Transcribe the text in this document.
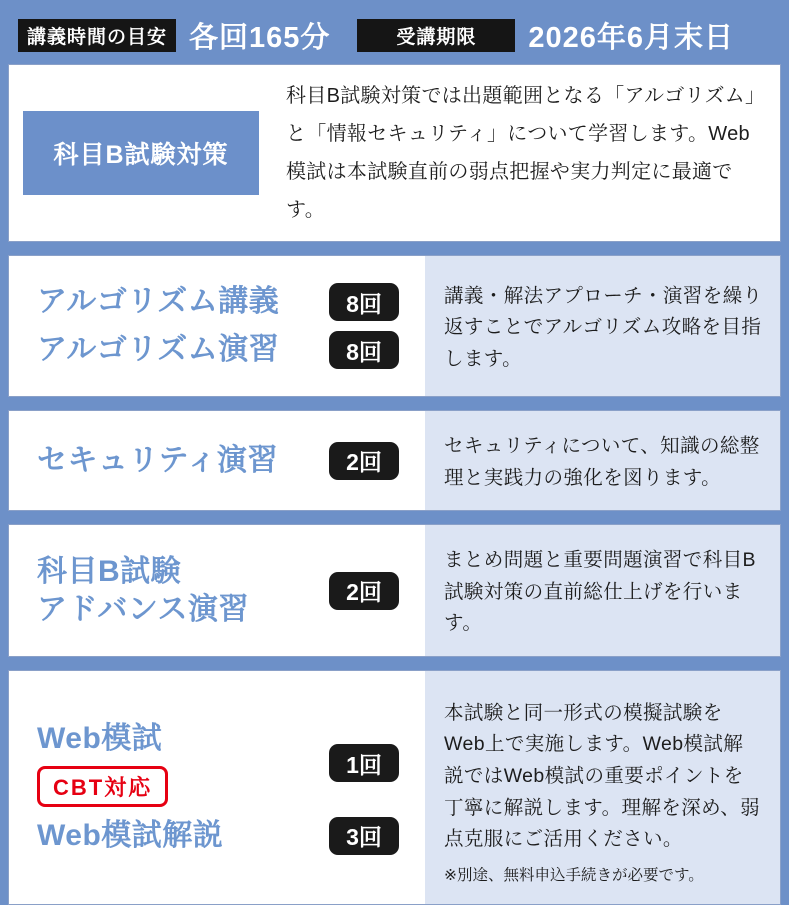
講義時間の目安 各回165分	受講期限	2026年6月末日
科目B試験対策
科目B試験対策では出題範囲となる「アルゴリズム」と「情報セキュリティ」について学習します。Web模試は本試験直前の弱点把握や実力判定に最適です。
アルゴリズム講義	8回
アルゴリズム演習	8回
講義・解法アプローチ・演習を繰り返すことでアルゴリズム攻略を目指します。
セキュリティ演習	2回
セキュリティについて、知識の総整理と実践力の強化を図ります。
科目B試験
アドバンス演習
2回
まとめ問題と重要問題演習で科目B試験対策の直前総仕上げを行います。
Web模試
CBT対応
1回
Web模試解説	3回
本試験と同一形式の模擬試験をWeb上で実施します。Web模試解説ではWeb模試の重要ポイントを丁寧に解説します。理解を深め、弱点克服にご活用ください。
※別途、無料申込手続きが必要です。
